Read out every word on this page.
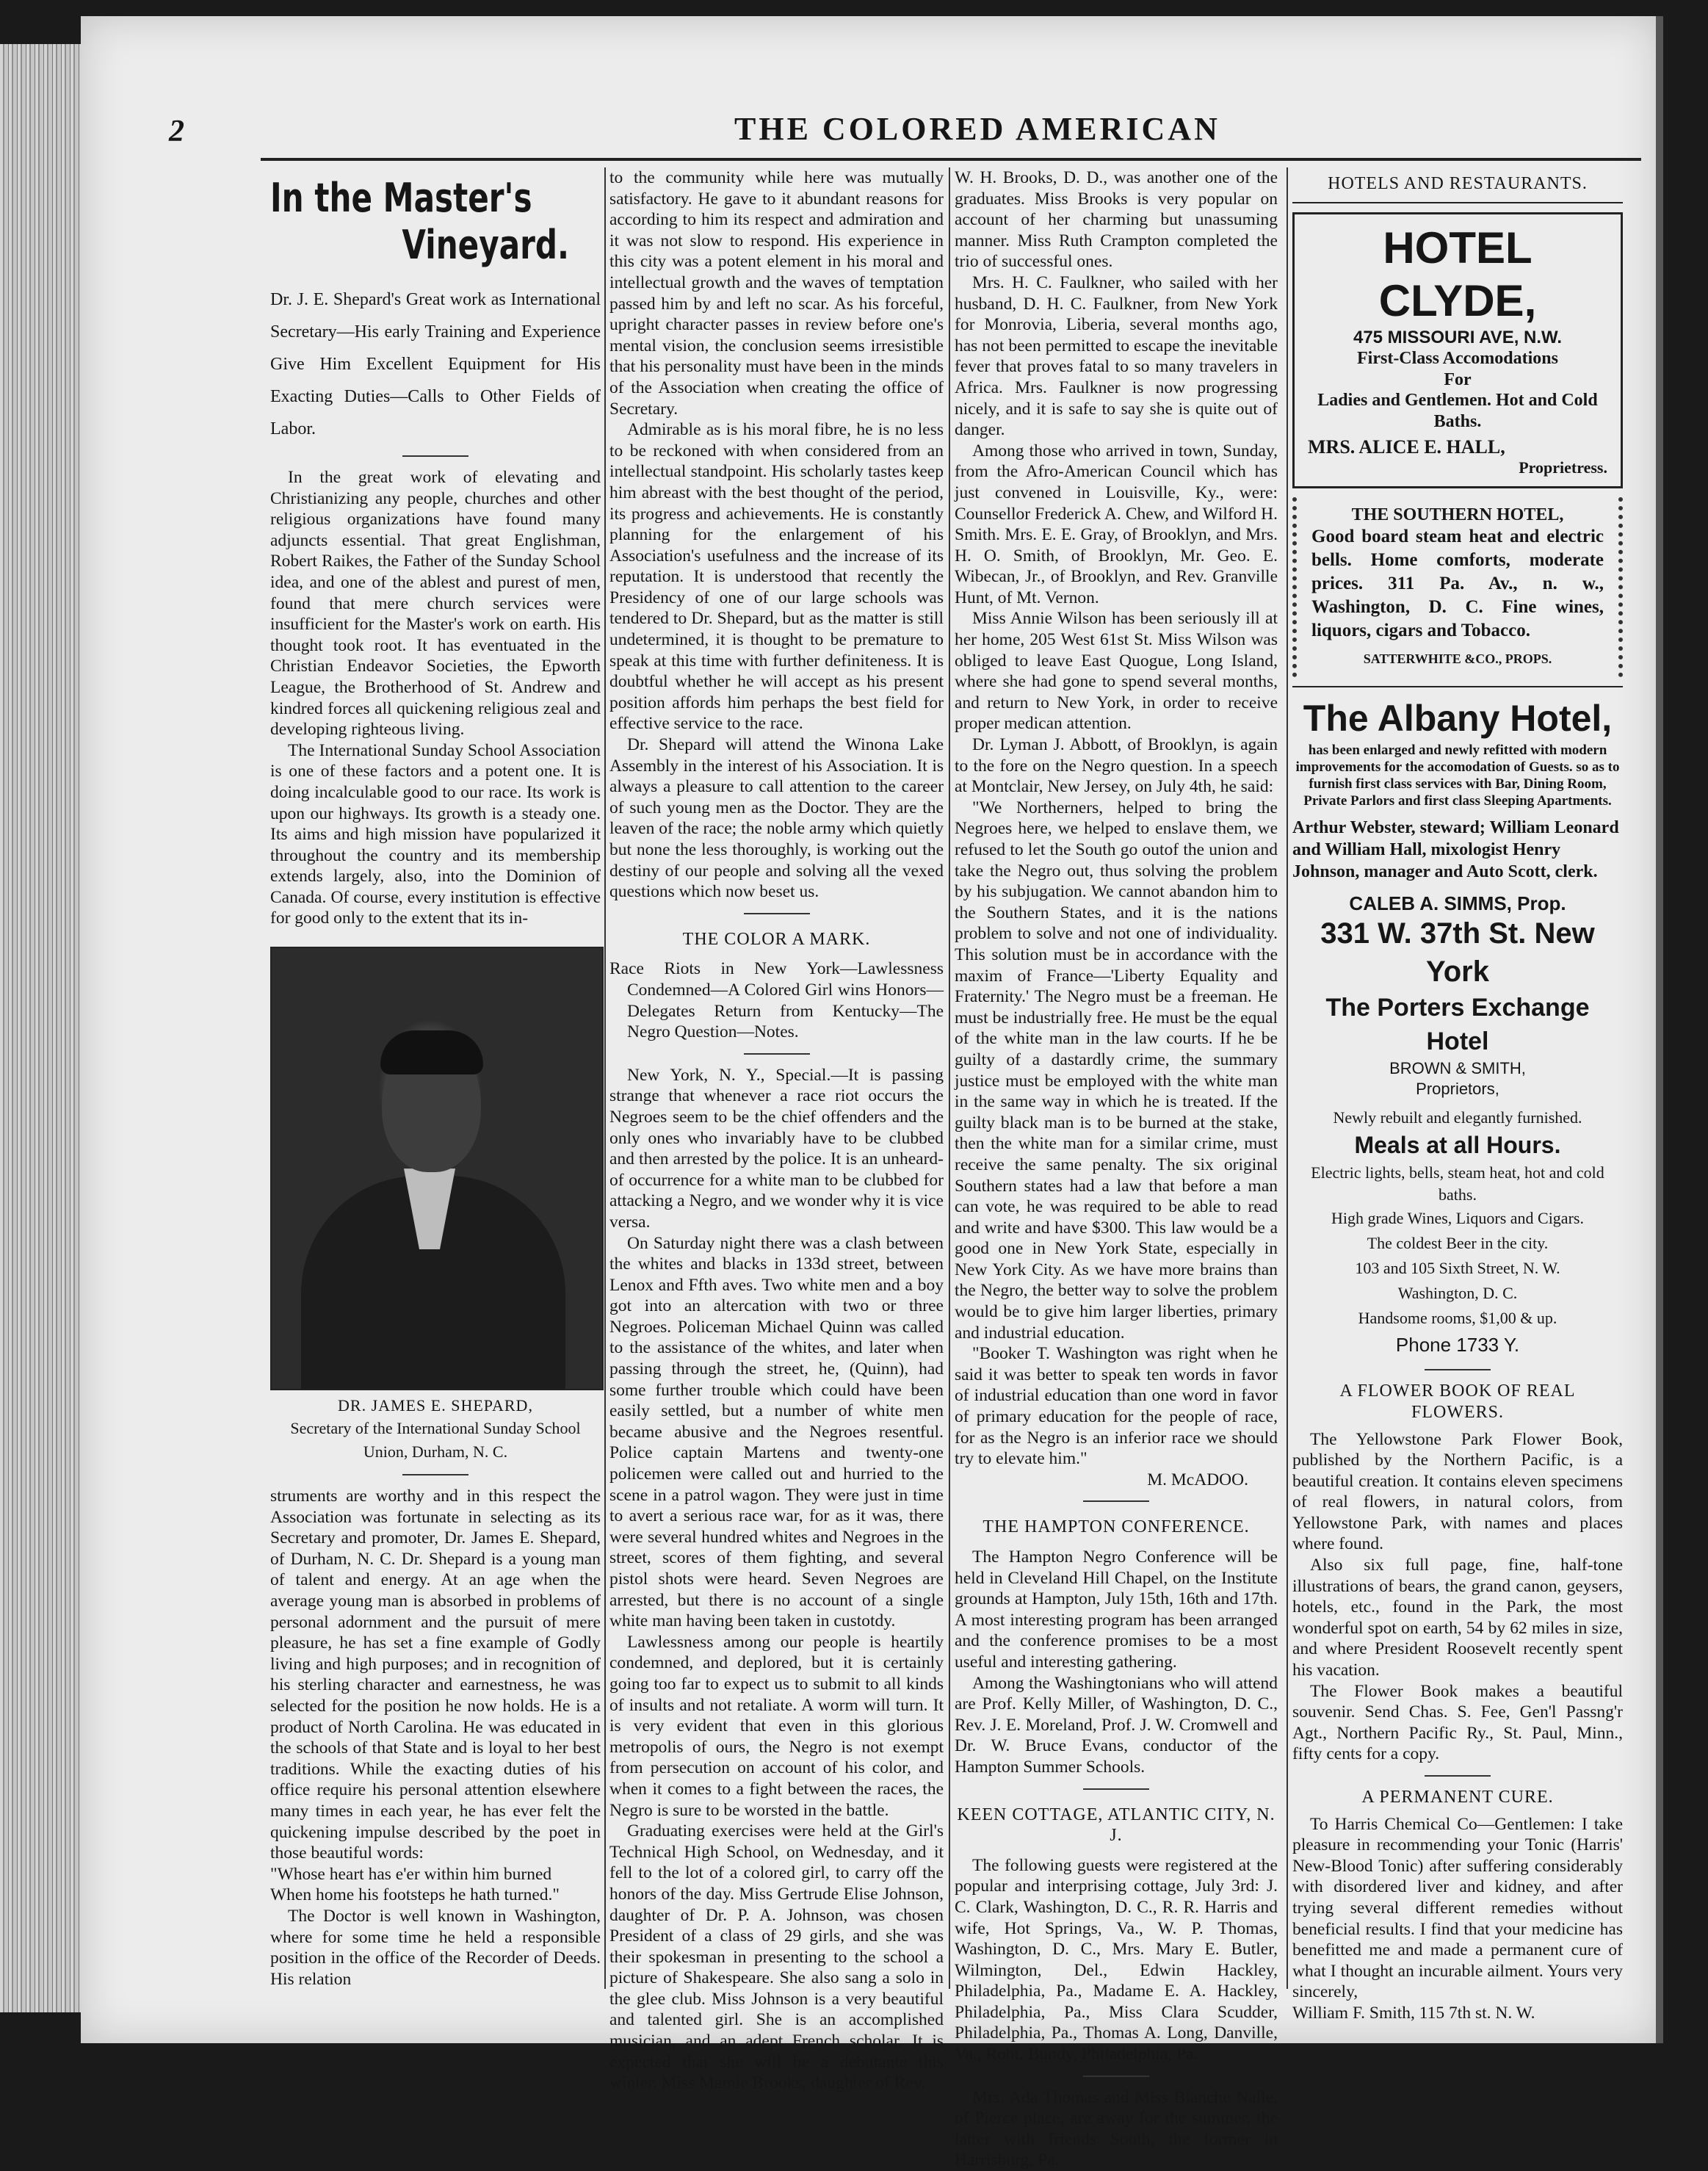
2	THE COLORED AMERICAN
In the Master's
Vineyard.
Dr. J. E. Shepard's Great work as International Secretary—His early Training and Experience Give Him Excellent Equipment for His Exacting Duties—Calls to Other Fields of Labor.

In the great work of elevating and Christianizing any people, churches and other religious organizations have found many adjuncts essential. That great Englishman, Robert Raikes, the Father of the Sunday School idea, and one of the ablest and purest of men, found that mere church services were insufficient for the Master's work on earth. His thought took root. It has eventuated in the Christian Endeavor Societies, the Epworth League, the Brotherhood of St. Andrew and kindred forces all quickening religious zeal and developing righteous living.

The International Sunday School Association is one of these factors and a potent one. It is doing incalculable good to our race. Its work is upon our highways. Its growth is a steady one. Its aims and high mission have popularized it throughout the country and its membership extends largely, also, into the Dominion of Canada. Of course, every institution is effective for good only to the extent that its in-

DR. JAMES E. SHEPARD,
Secretary of the International Sunday School Union, Durham, N. C.

struments are worthy and in this respect the Association was fortunate in selecting as its Secretary and promoter, Dr. James E. Shepard, of Durham, N. C. Dr. Shepard is a young man of talent and energy. At an age when the average young man is absorbed in problems of personal adornment and the pursuit of mere pleasure, he has set a fine example of Godly living and high purposes; and in recognition of his sterling character and earnestness, he was selected for the position he now holds. He is a product of North Carolina. He was educated in the schools of that State and is loyal to her best traditions. While the exacting duties of his office require his personal attention elsewhere many times in each year, he has ever felt the quickening impulse described by the poet in those beautiful words:

"Whose heart has e'er within him burned

When home his footsteps he hath turned."

The Doctor is well known in Washington, where for some time he held a responsible position in the office of the Recorder of Deeds. His relation

to the community while here was mutually satisfactory. He gave to it abundant reasons for according to him its respect and admiration and it was not slow to respond. His experience in this city was a potent element in his moral and intellectual growth and the waves of temptation passed him by and left no scar. As his forceful, upright character passes in review before one's mental vision, the conclusion seems irresistible that his personality must have been in the minds of the Association when creating the office of Secretary.

Admirable as is his moral fibre, he is no less to be reckoned with when considered from an intellectual standpoint. His scholarly tastes keep him abreast with the best thought of the period, its progress and achievements. He is constantly planning for the enlargement of his Association's usefulness and the increase of its reputation. It is understood that recently the Presidency of one of our large schools was tendered to Dr. Shepard, but as the matter is still undetermined, it is thought to be premature to speak at this time with further definiteness. It is doubtful whether he will accept as his present position affords him perhaps the best field for effective service to the race.

Dr. Shepard will attend the Winona Lake Assembly in the interest of his Association. It is always a pleasure to call attention to the career of such young men as the Doctor. They are the leaven of the race; the noble army which quietly but none the less thoroughly, is working out the destiny of our people and solving all the vexed questions which now beset us.

THE COLOR A MARK.

Race Riots in New York—Lawlessness Condemned—A Colored Girl wins Honors—Delegates Return from Kentucky—The Negro Question—Notes.

New York, N. Y., Special.—It is passing strange that whenever a race riot occurs the Negroes seem to be the chief offenders and the only ones who invariably have to be clubbed and then arrested by the police. It is an unheard-of occurrence for a white man to be clubbed for attacking a Negro, and we wonder why it is vice versa.

On Saturday night there was a clash between the whites and blacks in 133d street, between Lenox and Ffth aves. Two white men and a boy got into an altercation with two or three Negroes. Policeman Michael Quinn was called to the assistance of the whites, and later when passing through the street, he, (Quinn), had some further trouble which could have been easily settled, but a number of white men became abusive and the Negroes resentful. Police captain Martens and twenty-one policemen were called out and hurried to the scene in a patrol wagon. They were just in time to avert a serious race war, for as it was, there were several hundred whites and Negroes in the street, scores of them fighting, and several pistol shots were heard. Seven Negroes are arrested, but there is no account of a single white man having been taken in custotdy.

Lawlessness among our people is heartily condemned, and deplored, but it is certainly going too far to expect us to submit to all kinds of insults and not retaliate. A worm will turn. It is very evident that even in this glorious metropolis of ours, the Negro is not exempt from persecution on account of his color, and when it comes to a fight between the races, the Negro is sure to be worsted in the battle.

Graduating exercises were held at the Girl's Technical High School, on Wednesday, and it fell to the lot of a colored girl, to carry off the honors of the day. Miss Gertrude Elise Johnson, daughter of Dr. P. A. Johnson, was chosen President of a class of 29 girls, and she was their spokesman in presenting to the school a picture of Shakespeare. She also sang a solo in the glee club. Miss Johnson is a very beautiful and talented girl. She is an accomplished musician, and an adept French scholar. It is expected that she will be a debutante this winter. Miss Mamie Brooks, daughter of Rev.

W. H. Brooks, D. D., was another one of the graduates. Miss Brooks is very popular on account of her charming but unassuming manner. Miss Ruth Crampton completed the trio of successful ones.

Mrs. H. C. Faulkner, who sailed with her husband, D. H. C. Faulkner, from New York for Monrovia, Liberia, several months ago, has not been permitted to escape the inevitable fever that proves fatal to so many travelers in Africa. Mrs. Faulkner is now progressing nicely, and it is safe to say she is quite out of danger.

Among those who arrived in town, Sunday, from the Afro-American Council which has just convened in Louisville, Ky., were: Counsellor Frederick A. Chew, and Wilford H. Smith. Mrs. E. E. Gray, of Brooklyn, and Mrs. H. O. Smith, of Brooklyn, Mr. Geo. E. Wibecan, Jr., of Brooklyn, and Rev. Granville Hunt, of Mt. Vernon.

Miss Annie Wilson has been seriously ill at her home, 205 West 61st St. Miss Wilson was obliged to leave East Quogue, Long Island, where she had gone to spend several months, and return to New York, in order to receive proper medican attention.

Dr. Lyman J. Abbott, of Brooklyn, is again to the fore on the Negro question. In a speech at Montclair, New Jersey, on July 4th, he said:

"We Northerners, helped to bring the Negroes here, we helped to enslave them, we refused to let the South go outof the union and take the Negro out, thus solving the problem by his subjugation. We cannot abandon him to the Southern States, and it is the nations problem to solve and not one of individuality. This solution must be in accordance with the maxim of France—'Liberty Equality and Fraternity.' The Negro must be a freeman. He must be industrially free. He must be the equal of the white man in the law courts. If he be guilty of a dastardly crime, the summary justice must be employed with the white man in the same way in which he is treated. If the guilty black man is to be burned at the stake, then the white man for a similar crime, must receive the same penalty. The six original Southern states had a law that before a man can vote, he was required to be able to read and write and have $300. This law would be a good one in New York State, especially in New York City. As we have more brains than the Negro, the better way to solve the problem would be to give him larger liberties, primary and industrial education.

"Booker T. Washington was right when he said it was better to speak ten words in favor of industrial education than one word in favor of primary education for the people of race, for as the Negro is an inferior race we should try to elevate him."

M. McADOO.
THE HAMPTON CONFERENCE.

The Hampton Negro Conference will be held in Cleveland Hill Chapel, on the Institute grounds at Hampton, July 15th, 16th and 17th. A most interesting program has been arranged and the conference promises to be a most useful and interesting gathering.

Among the Washingtonians who will attend are Prof. Kelly Miller, of Washington, D. C., Rev. J. E. Moreland, Prof. J. W. Cromwell and Dr. W. Bruce Evans, conductor of the Hampton Summer Schools.

KEEN COTTAGE, ATLANTIC CITY, N. J.

The following guests were registered at the popular and interprising cottage, July 3rd: J. C. Clark, Washington, D. C., R. R. Harris and wife, Hot Springs, Va., W. P. Thomas, Washington, D. C., Mrs. Mary E. Butler, Wilmington, Del., Edwin Hackley, Philadelphia, Pa., Madame E. A. Hackley, Philadelphia, Pa., Miss Clara Scudder, Philadelphia, Pa., Thomas A. Long, Danville, Va., Robt. Bundy, Philadelphia, Pa.

Mrs. Ada Thomas and Miss Blanche Nalle, of Pierce place, are away for the summer, the latter with friends South, the former in Harrisburg, Pa.

HOTELS AND RESTAURANTS.
HOTEL CLYDE,
475 MISSOURI AVE, N.W.
First-Class Accomodations
For
Ladies and Gentlemen. Hot and Cold Baths.
MRS. ALICE E. HALL,
Proprietress.
THE SOUTHERN HOTEL,
Good board steam heat and electric bells. Home comforts, moderate prices. 311 Pa. Av., n. w., Washington, D. C. Fine wines, liquors, cigars and Tobacco.
SATTERWHITE &CO., PROPS.
The Albany Hotel,
has been enlarged and newly refitted with modern improvements for the accomodation of Guests. so as to furnish first class services with Bar, Dining Room, Private Parlors and first class Sleeping Apartments.
Arthur Webster, steward; William Leonard and William Hall, mixologist Henry Johnson, manager and Auto Scott, clerk.
CALEB A. SIMMS, Prop.
331 W. 37th St. New York
The Porters Exchange Hotel
BROWN & SMITH,
Proprietors,
Newly rebuilt and elegantly furnished.
Meals at all Hours.
Electric lights, bells, steam heat, hot and cold baths.
High grade Wines, Liquors and Cigars.
The coldest Beer in the city.
103 and 105 Sixth Street, N. W.
Washington, D. C.
Handsome rooms, $1,00 & up.
Phone 1733 Y.
A FLOWER BOOK OF REAL FLOWERS.

The Yellowstone Park Flower Book, published by the Northern Pacific, is a beautiful creation. It contains eleven specimens of real flowers, in natural colors, from Yellowstone Park, with names and places where found.

Also six full page, fine, half-tone illustrations of bears, the grand canon, geysers, hotels, etc., found in the Park, the most wonderful spot on earth, 54 by 62 miles in size, and where President Roosevelt recently spent his vacation.

The Flower Book makes a beautiful souvenir. Send Chas. S. Fee, Gen'l Passng'r Agt., Northern Pacific Ry., St. Paul, Minn., fifty cents for a copy.

A PERMANENT CURE.

To Harris Chemical Co—Gentlemen: I take pleasure in recommending your Tonic (Harris' New-Blood Tonic) after suffering considerably with disordered liver and kidney, and after trying several different remedies without beneficial results. I find that your medicine has benefitted me and made a permanent cure of what I thought an incurable ailment. Yours very sincerely,

William F. Smith, 115 7th st. N. W.
